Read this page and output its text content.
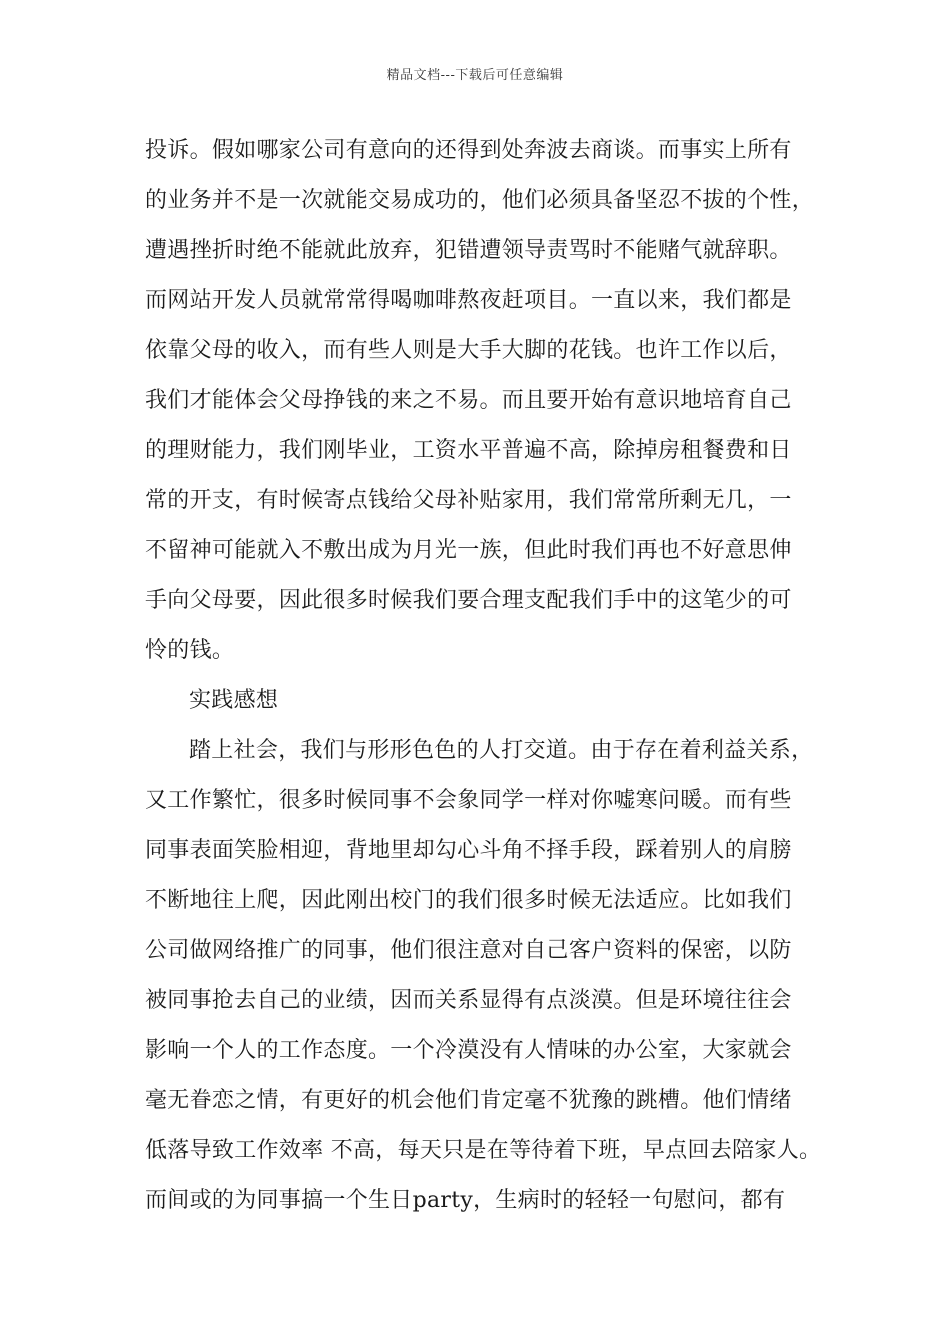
精品文档---下载后可任意编辑
投诉。假如哪家公司有意向的还得到处奔波去商谈。而事实上所有
的业务并不是一次就能交易成功的，他们必须具备坚忍不拔的个性，
遭遇挫折时绝不能就此放弃，犯错遭领导责骂时不能赌气就辞职。
而网站开发人员就常常得喝咖啡熬夜赶项目。一直以来，我们都是
依靠父母的收入，而有些人则是大手大脚的花钱。也许工作以后，
我们才能体会父母挣钱的来之不易。而且要开始有意识地培育自己
的理财能力，我们刚毕业，工资水平普遍不高，除掉房租餐费和日
常的开支，有时候寄点钱给父母补贴家用，我们常常所剩无几，一
不留神可能就入不敷出成为月光一族，但此时我们再也不好意思伸
手向父母要，因此很多时候我们要合理支配我们手中的这笔少的可
怜的钱。
实践感想
踏上社会，我们与形形色色的人打交道。由于存在着利益关系，
又工作繁忙，很多时候同事不会象同学一样对你嘘寒问暖。而有些
同事表面笑脸相迎，背地里却勾心斗角不择手段，踩着别人的肩膀
不断地往上爬，因此刚出校门的我们很多时候无法适应。比如我们
公司做网络推广的同事，他们很注意对自己客户资料的保密，以防
被同事抢去自己的业绩，因而关系显得有点淡漠。但是环境往往会
影响一个人的工作态度。一个冷漠没有人情味的办公室，大家就会
毫无眷恋之情，有更好的机会他们肯定毫不犹豫的跳槽。他们情绪
低落导致工作效率 不高，每天只是在等待着下班，早点回去陪家人。
而间或的为同事搞一个生日party，生病时的轻轻一句慰问，都有
